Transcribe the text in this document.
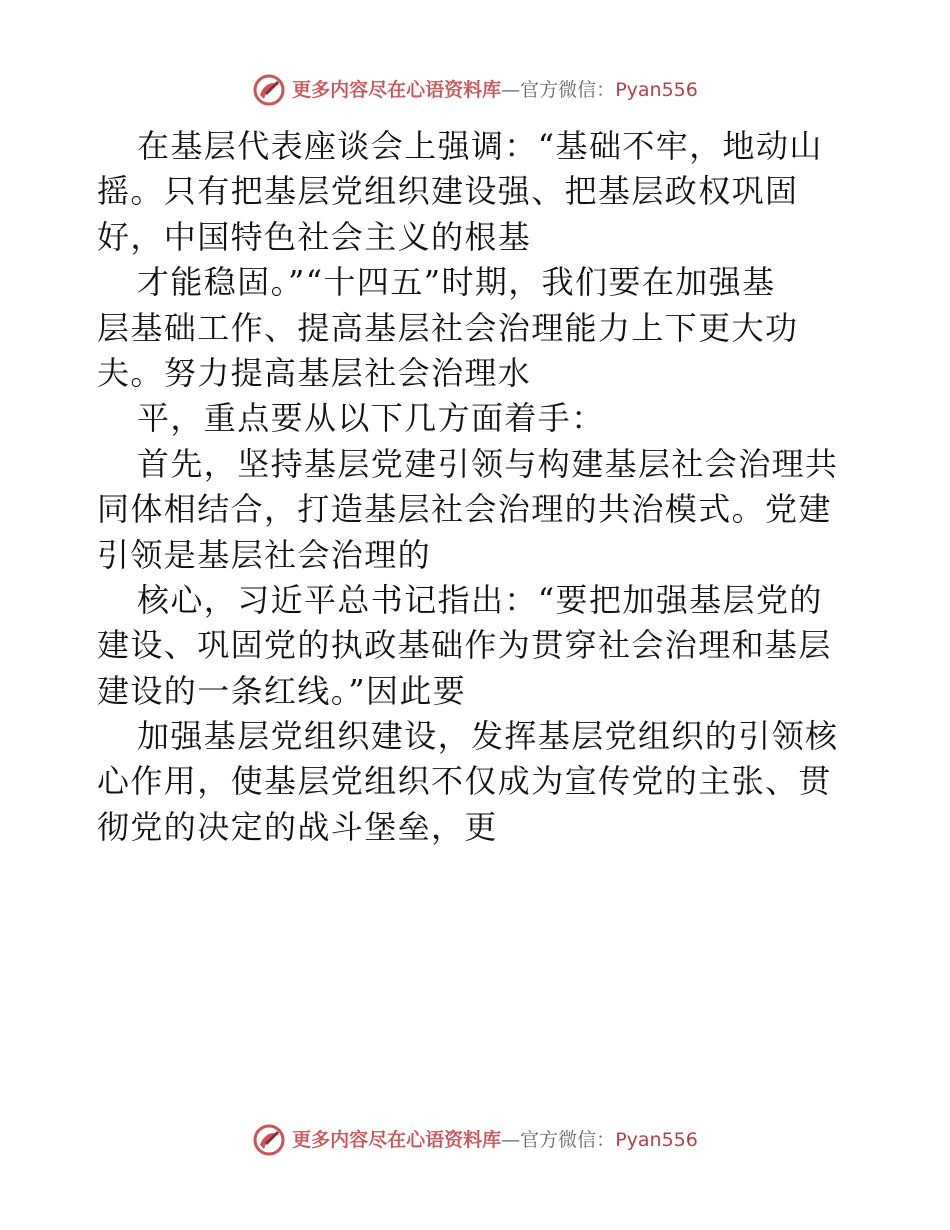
更多内容尽在心语资料库—官方微信：Pyan556
在基层代表座谈会上强调：“基础不牢，地动山
摇。只有把基层党组织建设强、把基层政权巩固
好，中国特色社会主义的根基
才能稳固。”“十四五”时期，我们要在加强基
层基础工作、提高基层社会治理能力上下更大功
夫。努力提高基层社会治理水
平，重点要从以下几方面着手：
首先，坚持基层党建引领与构建基层社会治理共
同体相结合，打造基层社会治理的共治模式。党建
引领是基层社会治理的
核心，习近平总书记指出：“要把加强基层党的
建设、巩固党的执政基础作为贯穿社会治理和基层
建设的一条红线。”因此要
加强基层党组织建设，发挥基层党组织的引领核
心作用，使基层党组织不仅成为宣传党的主张、贯
彻党的决定的战斗堡垒，更
更多内容尽在心语资料库—官方微信：Pyan556
